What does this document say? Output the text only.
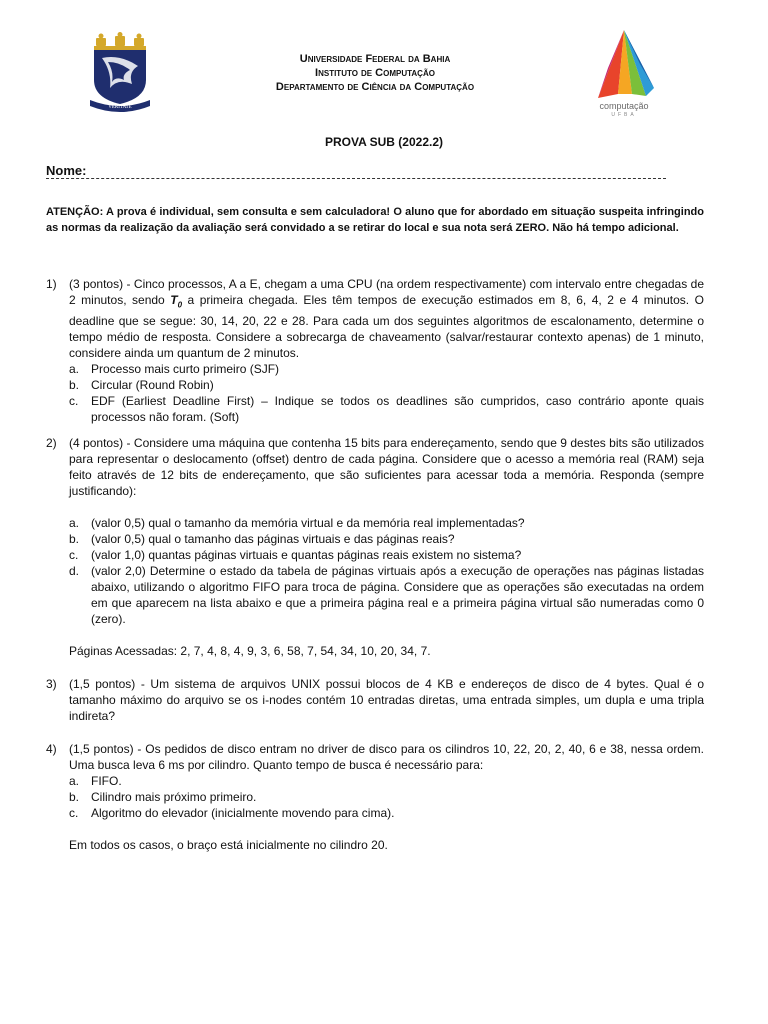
VERITATE
Universidade Federal da Bahia
Instituto de Computação
Departamento de Ciência da Computação
computação
UFBA
PROVA SUB (2022.2)
Nome:
ATENÇÃO: A prova é individual, sem consulta e sem calculadora! O aluno que for abordado em situação suspeita infringindo as normas da realização da avaliação será convidado a se retirar do local e sua nota será ZERO. Não há tempo adicional.
1) (3 pontos) - Cinco processos, A a E, chegam a uma CPU (na ordem respectivamente) com intervalo entre chegadas de 2 minutos, sendo $T_0$ a primeira chegada. Eles têm tempos de execução estimados em 8, 6, 4, 2 e 4 minutos. O deadline que se segue: 30, 14, 20, 22 e 28. Para cada um dos seguintes algoritmos de escalonamento, determine o tempo médio de resposta. Considere a sobrecarga de chaveamento (salvar/restaurar contexto apenas) de 1 minuto, considere ainda um quantum de 2 minutos.
a. Processo mais curto primeiro (SJF)
b. Circular (Round Robin)
c. EDF (Earliest Deadline First) – Indique se todos os deadlines são cumpridos, caso contrário aponte quais processos não foram. (Soft)
2) (4 pontos) - Considere uma máquina que contenha 15 bits para endereçamento, sendo que 9 destes bits são utilizados para representar o deslocamento (offset) dentro de cada página. Considere que o acesso a memória real (RAM) seja feito através de 12 bits de endereçamento, que são suficientes para acessar toda a memória. Responda (sempre justificando):
a. (valor 0,5) qual o tamanho da memória virtual e da memória real implementadas?
b. (valor 0,5) qual o tamanho das páginas virtuais e das páginas reais?
c. (valor 1,0) quantas páginas virtuais e quantas páginas reais existem no sistema?
d. (valor 2,0) Determine o estado da tabela de páginas virtuais após a execução de operações nas páginas listadas abaixo, utilizando o algoritmo FIFO para troca de página. Considere que as operações são executadas na ordem em que aparecem na lista abaixo e que a primeira página real e a primeira página virtual são numeradas como 0 (zero).
Páginas Acessadas: 2, 7, 4, 8, 4, 9, 3, 6, 58, 7, 54, 34, 10, 20, 34, 7.
3) (1,5 pontos) - Um sistema de arquivos UNIX possui blocos de 4 KB e endereços de disco de 4 bytes. Qual é o tamanho máximo do arquivo se os i-nodes contém 10 entradas diretas, uma entrada simples, um dupla e uma tripla indireta?
4) (1,5 pontos) - Os pedidos de disco entram no driver de disco para os cilindros 10, 22, 20, 2, 40, 6 e 38, nessa ordem. Uma busca leva 6 ms por cilindro. Quanto tempo de busca é necessário para:
a. FIFO.
b. Cilindro mais próximo primeiro.
c. Algoritmo do elevador (inicialmente movendo para cima).
Em todos os casos, o braço está inicialmente no cilindro 20.
